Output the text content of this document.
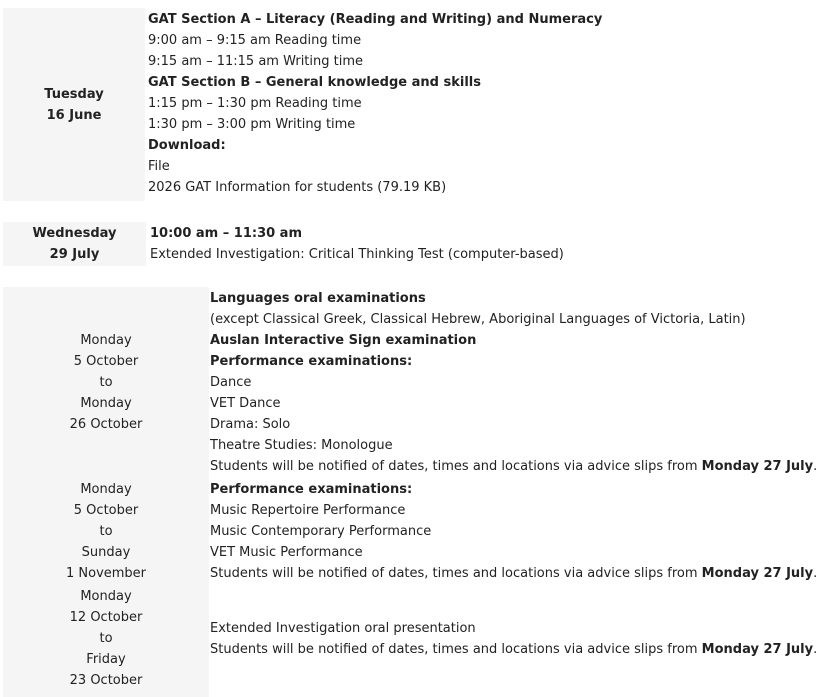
Tuesday
16 June
GAT Section A – Literacy (Reading and Writing) and Numeracy
9:00 am – 9:15 am Reading time
9:15 am – 11:15 am Writing time
GAT Section B – General knowledge and skills
1:15 pm – 1:30 pm Reading time
1:30 pm – 3:00 pm Writing time
Download:
File
2026 GAT Information for students (79.19 KB)
Wednesday
29 July
10:00 am – 11:30 am
Extended Investigation: Critical Thinking Test (computer-based)
Monday
5 October
to
Monday
26 October
Monday
5 October
to
Sunday
1 November
Monday
12 October
to
Friday
23 October
Languages oral examinations
(except Classical Greek, Classical Hebrew, Aboriginal Languages of Victoria, Latin)
Auslan Interactive Sign examination
Performance examinations:
Dance
VET Dance
Drama: Solo
Theatre Studies: Monologue
Students will be notified of dates, times and locations via advice slips from Monday 27 July.
Performance examinations:
Music Repertoire Performance
Music Contemporary Performance
VET Music Performance
Students will be notified of dates, times and locations via advice slips from Monday 27 July.
Extended Investigation oral presentation
Students will be notified of dates, times and locations via advice slips from Monday 27 July.
